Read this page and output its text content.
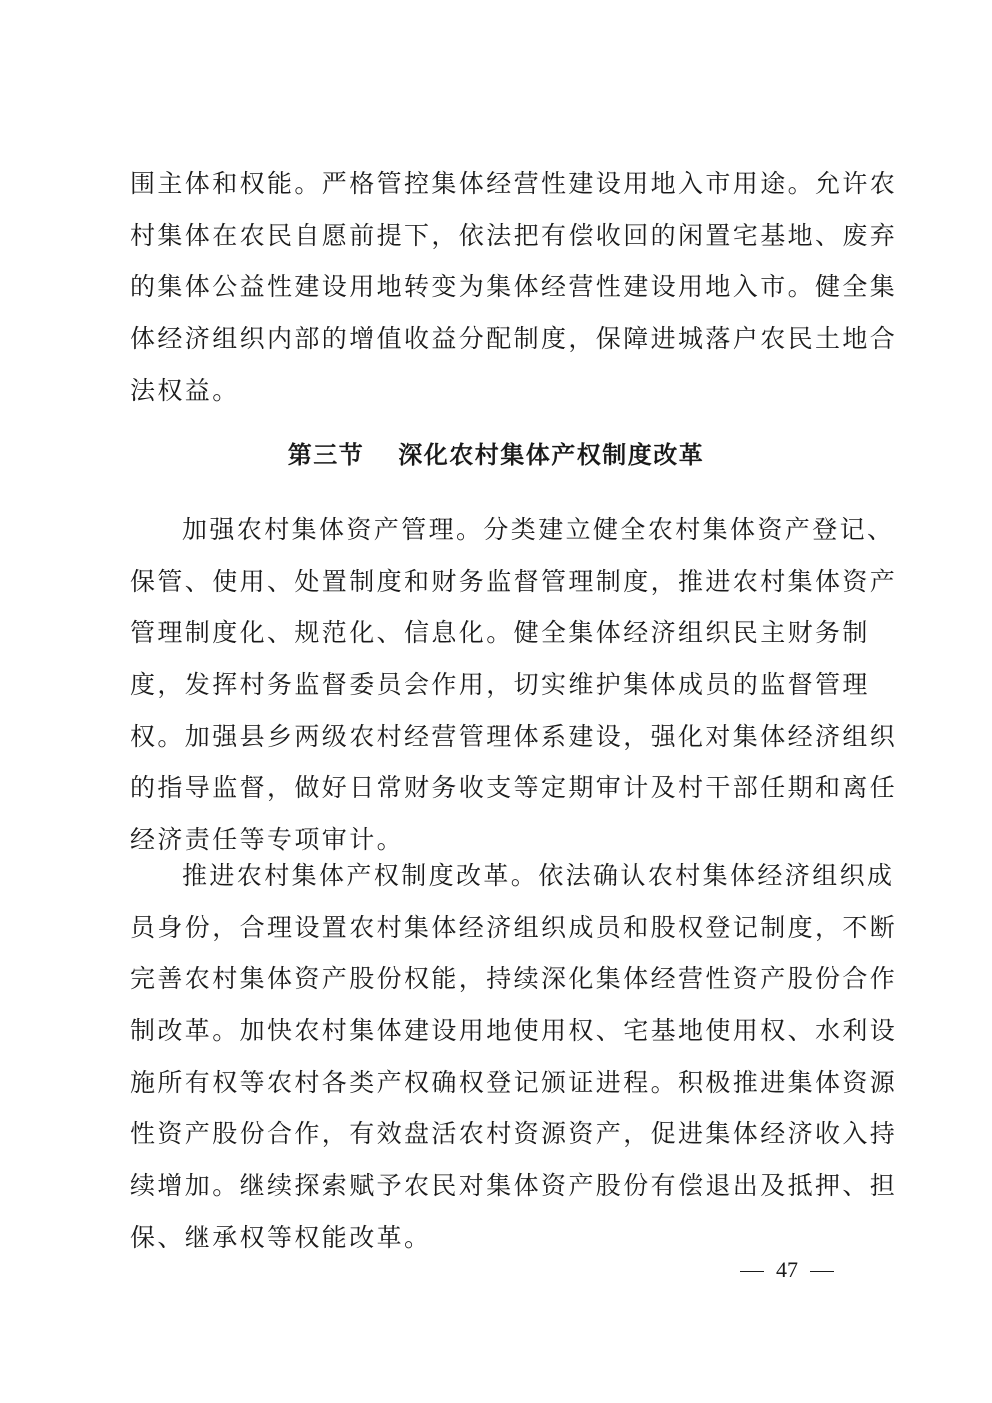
围主体和权能。严格管控集体经营性建设用地入市用途。允许农
村集体在农民自愿前提下，依法把有偿收回的闲置宅基地、废弃
的集体公益性建设用地转变为集体经营性建设用地入市。健全集
体经济组织内部的增值收益分配制度，保障进城落户农民土地合
法权益。
第三节 深化农村集体产权制度改革
加强农村集体资产管理。分类建立健全农村集体资产登记、
保管、使用、处置制度和财务监督管理制度，推进农村集体资产
管理制度化、规范化、信息化。健全集体经济组织民主财务制
度，发挥村务监督委员会作用，切实维护集体成员的监督管理
权。加强县乡两级农村经营管理体系建设，强化对集体经济组织
的指导监督，做好日常财务收支等定期审计及村干部任期和离任
经济责任等专项审计。
推进农村集体产权制度改革。依法确认农村集体经济组织成
员身份，合理设置农村集体经济组织成员和股权登记制度，不断
完善农村集体资产股份权能，持续深化集体经营性资产股份合作
制改革。加快农村集体建设用地使用权、宅基地使用权、水利设
施所有权等农村各类产权确权登记颁证进程。积极推进集体资源
性资产股份合作，有效盘活农村资源资产，促进集体经济收入持
续增加。继续探索赋予农民对集体资产股份有偿退出及抵押、担
保、继承权等权能改革。
47
